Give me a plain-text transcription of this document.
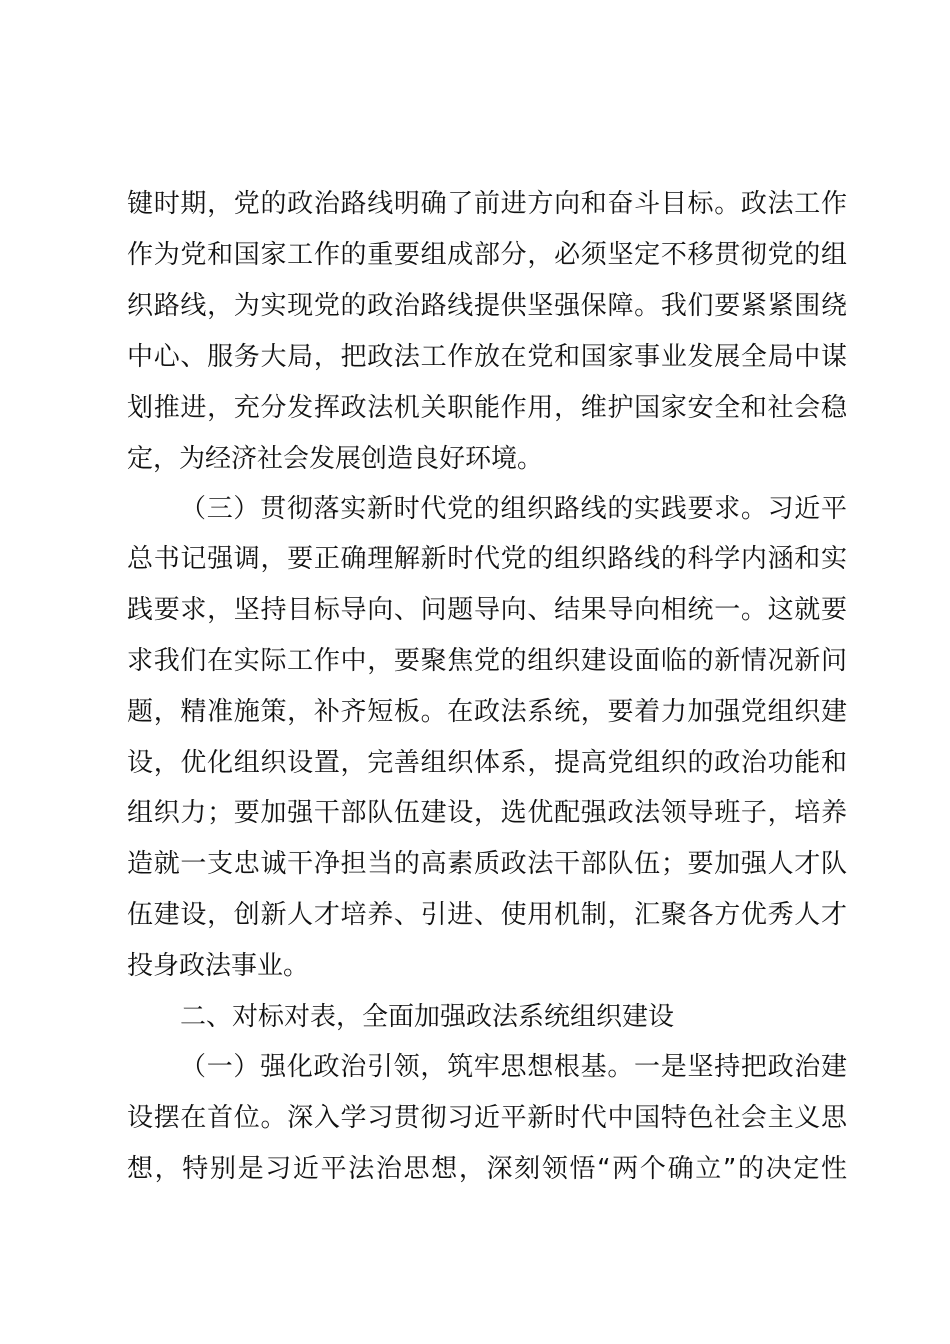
键时期，党的政治路线明确了前进方向和奋斗目标。政法工作
作为党和国家工作的重要组成部分，必须坚定不移贯彻党的组
织路线，为实现党的政治路线提供坚强保障。我们要紧紧围绕
中心、服务大局，把政法工作放在党和国家事业发展全局中谋
划推进，充分发挥政法机关职能作用，维护国家安全和社会稳
定，为经济社会发展创造良好环境。
（三）贯彻落实新时代党的组织路线的实践要求。习近平
总书记强调，要正确理解新时代党的组织路线的科学内涵和实
践要求，坚持目标导向、问题导向、结果导向相统一。这就要
求我们在实际工作中，要聚焦党的组织建设面临的新情况新问
题，精准施策，补齐短板。在政法系统，要着力加强党组织建
设，优化组织设置，完善组织体系，提高党组织的政治功能和
组织力；要加强干部队伍建设，选优配强政法领导班子，培养
造就一支忠诚干净担当的高素质政法干部队伍；要加强人才队
伍建设，创新人才培养、引进、使用机制，汇聚各方优秀人才
投身政法事业。
二、对标对表，全面加强政法系统组织建设
（一）强化政治引领，筑牢思想根基。一是坚持把政治建
设摆在首位。深入学习贯彻习近平新时代中国特色社会主义思
想，特别是习近平法治思想，深刻领悟“两个确立”的决定性
